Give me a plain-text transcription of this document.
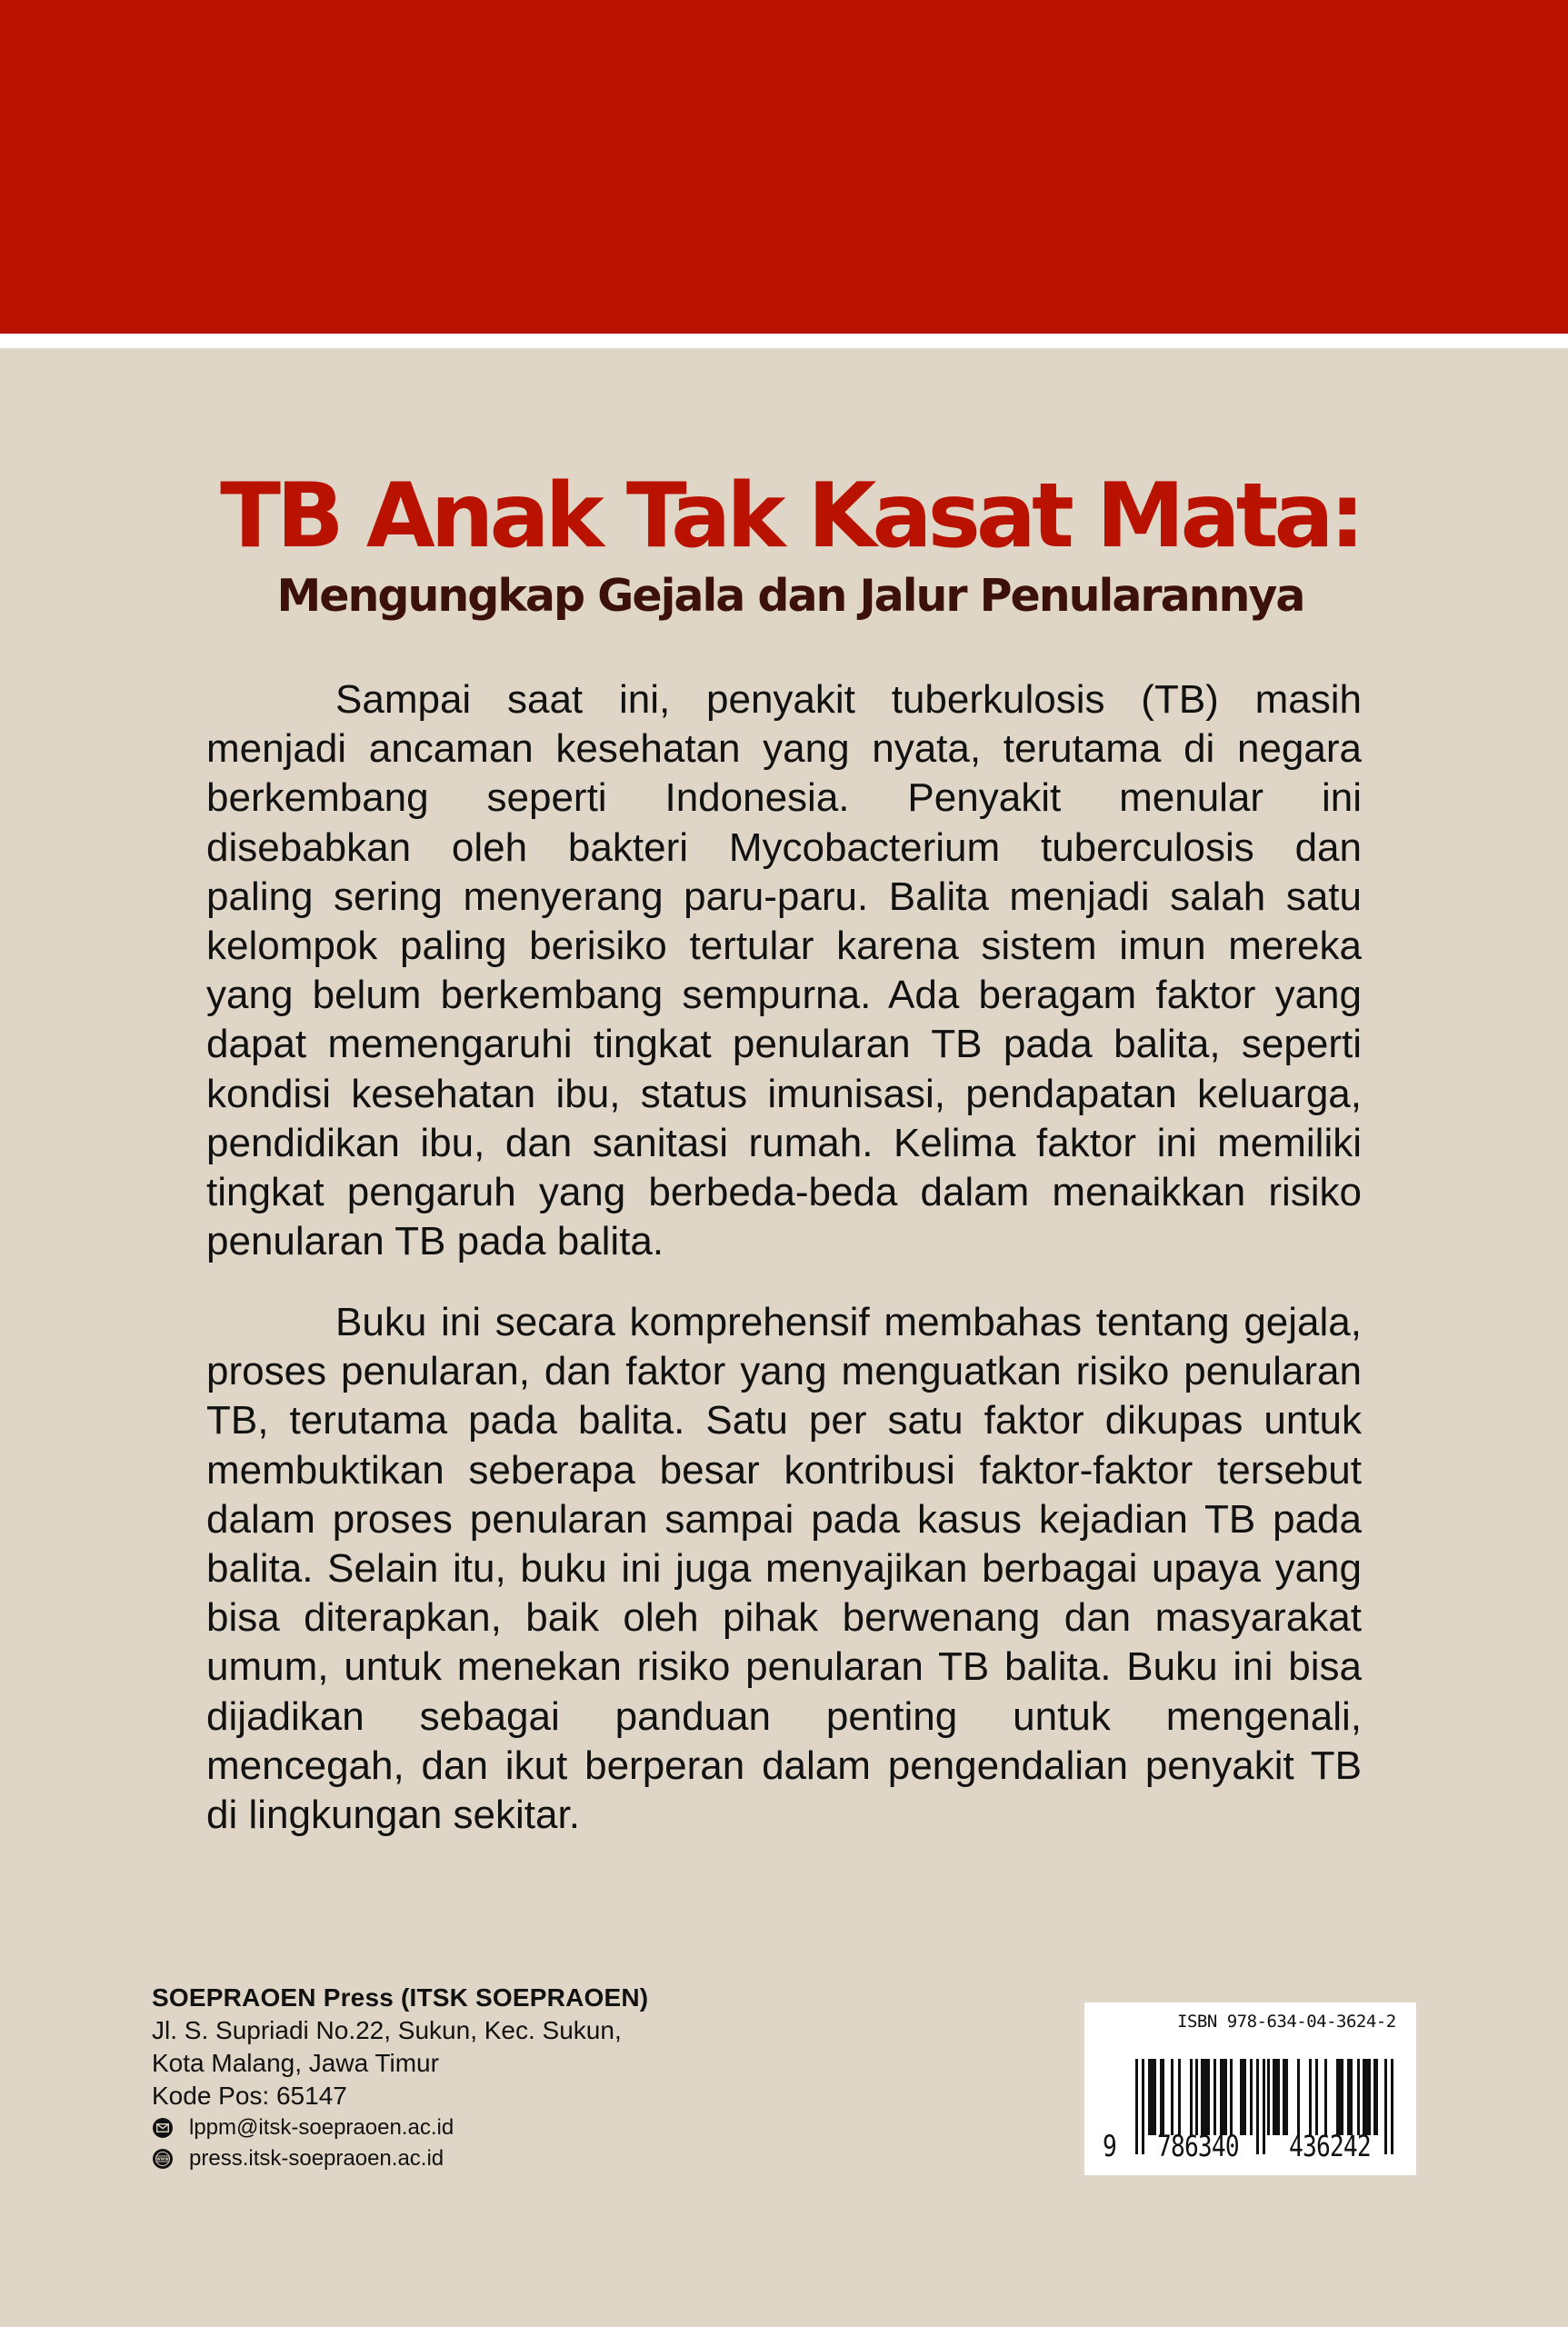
TB Anak Tak Kasat Mata:
Mengungkap Gejala dan Jalur Penularannya
Sampai saat ini, penyakit tuberkulosis (TB) masih
menjadi ancaman kesehatan yang nyata, terutama di negara
berkembang seperti Indonesia. Penyakit menular ini
disebabkan oleh bakteri Mycobacterium tuberculosis dan
paling sering menyerang paru-paru. Balita menjadi salah satu
kelompok paling berisiko tertular karena sistem imun mereka
yang belum berkembang sempurna. Ada beragam faktor yang
dapat memengaruhi tingkat penularan TB pada balita, seperti
kondisi kesehatan ibu, status imunisasi, pendapatan keluarga,
pendidikan ibu, dan sanitasi rumah. Kelima faktor ini memiliki
tingkat pengaruh yang berbeda-beda dalam menaikkan risiko
penularan TB pada balita.
Buku ini secara komprehensif membahas tentang gejala,
proses penularan, dan faktor yang menguatkan risiko penularan
TB, terutama pada balita. Satu per satu faktor dikupas untuk
membuktikan seberapa besar kontribusi faktor-faktor tersebut
dalam proses penularan sampai pada kasus kejadian TB pada
balita. Selain itu, buku ini juga menyajikan berbagai upaya yang
bisa diterapkan, baik oleh pihak berwenang dan masyarakat
umum, untuk menekan risiko penularan TB balita. Buku ini bisa
dijadikan sebagai panduan penting untuk mengenali,
mencegah, dan ikut berperan dalam pengendalian penyakit TB
di lingkungan sekitar.
SOEPRAOEN Press (ITSK SOEPRAOEN)
Jl. S. Supriadi No.22, Sukun, Kec. Sukun,
Kota Malang, Jawa Timur
Kode Pos: 65147
lppm@itsk-soepraoen.ac.id
www press.itsk-soepraoen.ac.id
ISBN 978-634-04-3624-2
9 786340 436242
